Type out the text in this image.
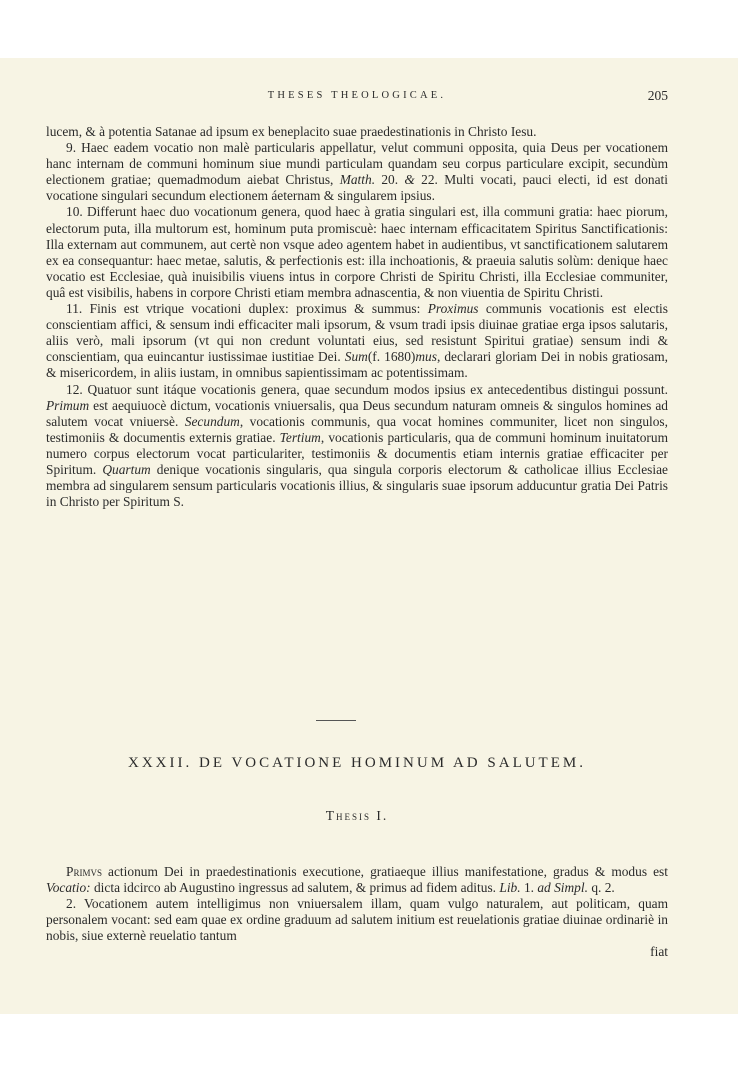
THESES THEOLOGICAE.	205

lucem, & à potentia Satanae ad ipsum ex beneplacito suae praedestinationis in Christo Iesu.

9. Haec eadem vocatio non malè particularis appellatur, velut communi opposita, quia Deus per vocationem hanc internam de communi hominum siue mundi particulam quandam seu corpus particulare excipit, secundùm electionem gratiae; quemadmodum aiebat Christus, Matth. 20. & 22. Multi vocati, pauci electi, id est donati vocatione singulari secundum electionem áeternam & singularem ipsius.

10. Differunt haec duo vocationum genera, quod haec à gratia singulari est, illa communi gratia: haec piorum, electorum puta, illa multorum est, hominum puta promiscuè: haec internam efficacitatem Spiritus Sanctificationis: Illa externam aut communem, aut certè non vsque adeo agentem habet in audientibus, vt sanctificationem salutarem ex ea consequantur: haec metae, salutis, & perfectionis est: illa inchoationis, & praeuia salutis solùm: denique haec vocatio est Ecclesiae, quà inuisibilis viuens intus in corpore Christi de Spiritu Christi, illa Ecclesiae communiter, quâ est visibilis, habens in corpore Christi etiam membra adnascentia, & non viuentia de Spiritu Christi.

11. Finis est vtrique vocationi duplex: proximus & summus: Proximus communis vocationis est electis conscientiam affici, & sensum indi efficaciter mali ipsorum, & vsum tradi ipsis diuinae gratiae erga ipsos salutaris, aliis verò, mali ipsorum (vt qui non credunt voluntati eius, sed resistunt Spiritui gratiae) sensum indi & conscientiam, qua euincantur iustissimae iustitiae Dei. Sum(f. 1680)mus, declarari gloriam Dei in nobis gratiosam, & misericordem, in aliis iustam, in omnibus sapientissimam ac potentissimam.

12. Quatuor sunt itáque vocationis genera, quae secundum modos ipsius ex antecedentibus distingui possunt. Primum est aequiuocè dictum, vocationis vniuersalis, qua Deus secundum naturam omneis & singulos homines ad salutem vocat vniuersè. Secundum, vocationis communis, qua vocat homines communiter, licet non singulos, testimoniis & documentis externis gratiae. Tertium, vocationis particularis, qua de communi hominum inuitatorum numero corpus electorum vocat particulariter, testimoniis & documentis etiam internis gratiae efficaciter per Spiritum. Quartum denique vocationis singularis, qua singula corporis electorum & catholicae illius Ecclesiae membra ad singularem sensum particularis vocationis illius, & singularis suae ipsorum adducuntur gratia Dei Patris in Christo per Spiritum S.

XXXII. DE VOCATIONE HOMINUM AD SALUTEM.
Thesis I.

Primvs actionum Dei in praedestinationis executione, gratiaeque illius manifestatione, gradus & modus est Vocatio: dicta idcirco ab Augustino ingressus ad salutem, & primus ad fidem aditus. Lib. 1. ad Simpl. q. 2.

2. Vocationem autem intelligimus non vniuersalem illam, quam vulgo naturalem, aut politicam, quam personalem vocant: sed eam quae ex ordine graduum ad salutem initium est reuelationis gratiae diuinae ordinariè in nobis, siue externè reuelatio tantum

fiat
